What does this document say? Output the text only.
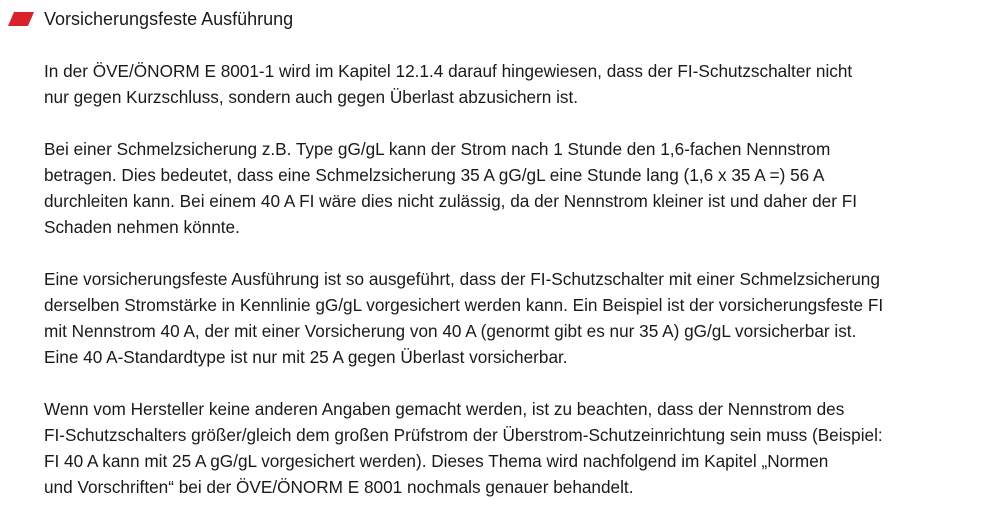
Vorsicherungsfeste Ausführung

In der ÖVE/ÖNORM E 8001-1 wird im Kapitel 12.1.4 darauf hingewiesen, dass der FI-Schutzschalter nicht
nur gegen Kurzschluss, sondern auch gegen Überlast abzusichern ist.

Bei einer Schmelzsicherung z.B. Type gG/gL kann der Strom nach 1 Stunde den 1,6-fachen Nennstrom
betragen. Dies bedeutet, dass eine Schmelzsicherung 35 A gG/gL eine Stunde lang (1,6 x 35 A =) 56 A
durchleiten kann. Bei einem 40 A FI wäre dies nicht zulässig, da der Nennstrom kleiner ist und daher der FI
Schaden nehmen könnte.

Eine vorsicherungsfeste Ausführung ist so ausgeführt, dass der FI-Schutzschalter mit einer Schmelzsicherung
derselben Stromstärke in Kennlinie gG/gL vorgesichert werden kann. Ein Beispiel ist der vorsicherungsfeste FI
mit Nennstrom 40 A, der mit einer Vorsicherung von 40 A (genormt gibt es nur 35 A) gG/gL vorsicherbar ist.
Eine 40 A-Standardtype ist nur mit 25 A gegen Überlast vorsicherbar.

Wenn vom Hersteller keine anderen Angaben gemacht werden, ist zu beachten, dass der Nennstrom des
FI-Schutzschalters größer/gleich dem großen Prüfstrom der Überstrom-Schutzeinrichtung sein muss (Beispiel:
FI 40 A kann mit 25 A gG/gL vorgesichert werden). Dieses Thema wird nachfolgend im Kapitel „Normen
und Vorschriften“ bei der ÖVE/ÖNORM E 8001 nochmals genauer behandelt.
